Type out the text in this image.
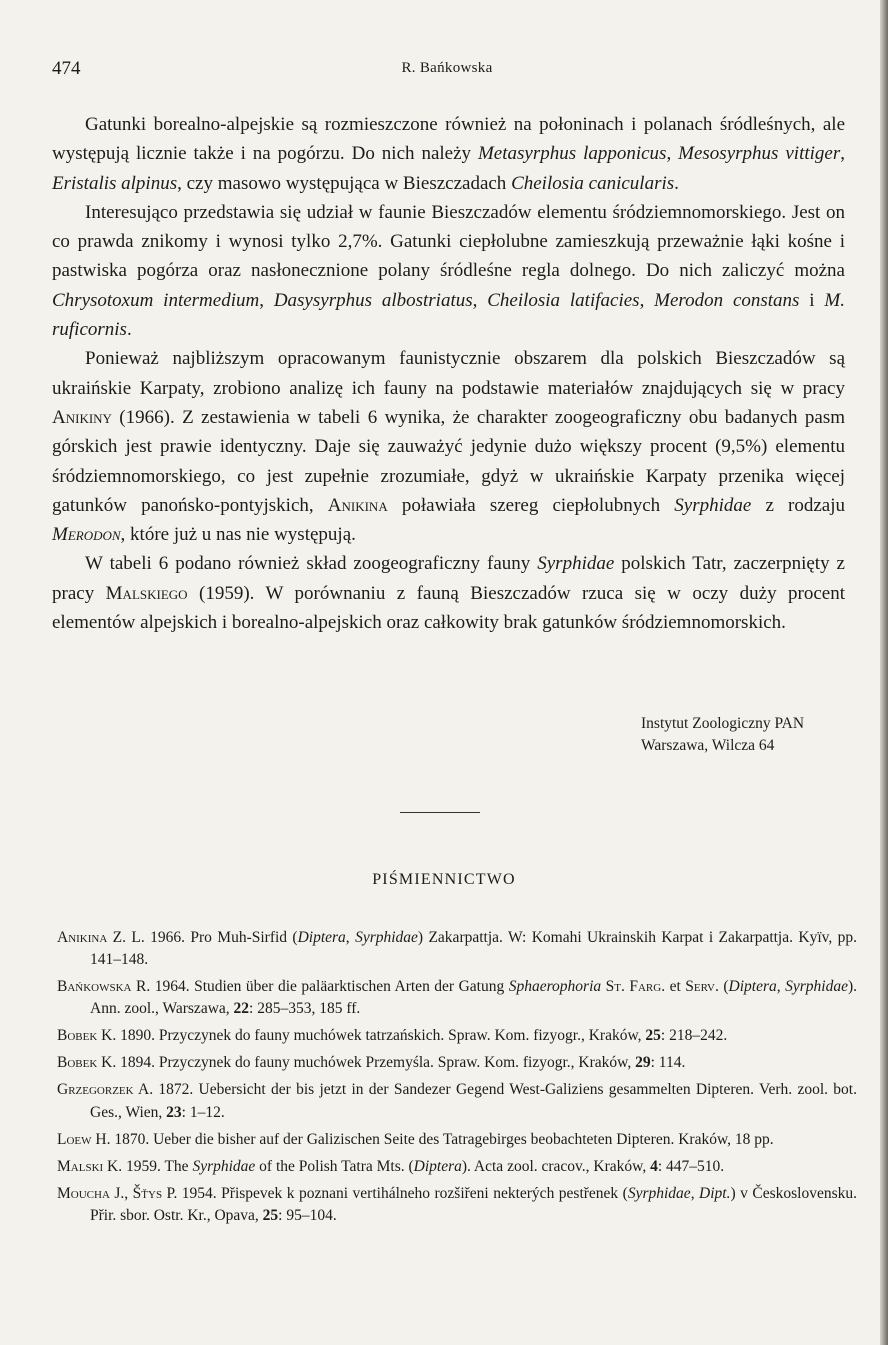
474	R. Bańkowska

Gatunki borealno-alpejskie są rozmieszczone również na połoninach i polanach śródleśnych, ale występują licznie także i na pogórzu. Do nich należy Metasyrphus lapponicus, Mesosyrphus vittiger, Eristalis alpinus, czy masowo występująca w Bieszczadach Cheilosia canicularis.

Interesująco przedstawia się udział w faunie Bieszczadów elementu śródziemnomorskiego. Jest on co prawda znikomy i wynosi tylko 2,7%. Gatunki ciepłolubne zamieszkują przeważnie łąki kośne i pastwiska pogórza oraz nasłonecznione polany śródleśne regla dolnego. Do nich zaliczyć można Chrysotoxum intermedium, Dasysyrphus albostriatus, Cheilosia latifacies, Merodon constans i M. ruficornis.

Ponieważ najbliższym opracowanym faunistycznie obszarem dla polskich Bieszczadów są ukraińskie Karpaty, zrobiono analizę ich fauny na podstawie materiałów znajdujących się w pracy Anikiny (1966). Z zestawienia w tabeli 6 wynika, że charakter zoogeograficzny obu badanych pasm górskich jest prawie identyczny. Daje się zauważyć jedynie dużo większy procent (9,5%) elementu śródziemnomorskiego, co jest zupełnie zrozumiałe, gdyż w ukraińskie Karpaty przenika więcej gatunków panońsko-pontyjskich, Anikina poławiała szereg ciepłolubnych Syrphidae z rodzaju Merodon, które już u nas nie występują.

W tabeli 6 podano również skład zoogeograficzny fauny Syrphidae polskich Tatr, zaczerpnięty z pracy Malskiego (1959). W porównaniu z fauną Bieszczadów rzuca się w oczy duży procent elementów alpejskich i borealno-alpejskich oraz całkowity brak gatunków śródziemnomorskich.

Instytut Zoologiczny PAN
Warszawa, Wilcza 64
PIŚMIENNICTWO
Anikina Z. L. 1966. Pro Muh-Sirfid (Diptera, Syrphidae) Zakarpattja. W: Komahi Ukrainskih Karpat i Zakarpattja. Kyïv, pp. 141–148.
Bańkowska R. 1964. Studien über die paläarktischen Arten der Gatung Sphaerophoria St. Farg. et Serv. (Diptera, Syrphidae). Ann. zool., Warszawa, 22: 285–353, 185 ff.
Bobek K. 1890. Przyczynek do fauny muchówek tatrzańskich. Spraw. Kom. fizyogr., Kraków, 25: 218–242.
Bobek K. 1894. Przyczynek do fauny muchówek Przemyśla. Spraw. Kom. fizyogr., Kraków, 29: 114.
Grzegorzek A. 1872. Uebersicht der bis jetzt in der Sandezer Gegend West-Galiziens gesammelten Dipteren. Verh. zool. bot. Ges., Wien, 23: 1–12.
Loew H. 1870. Ueber die bisher auf der Galizischen Seite des Tatragebirges beobachteten Dipteren. Kraków, 18 pp.
Malski K. 1959. The Syrphidae of the Polish Tatra Mts. (Diptera). Acta zool. cracov., Kraków, 4: 447–510.
Moucha J., Šťys P. 1954. Přispevek k poznani vertihálneho rozšiřeni nekterých pestřenek (Syrphidae, Dipt.) v Československu. Přir. sbor. Ostr. Kr., Opava, 25: 95–104.
